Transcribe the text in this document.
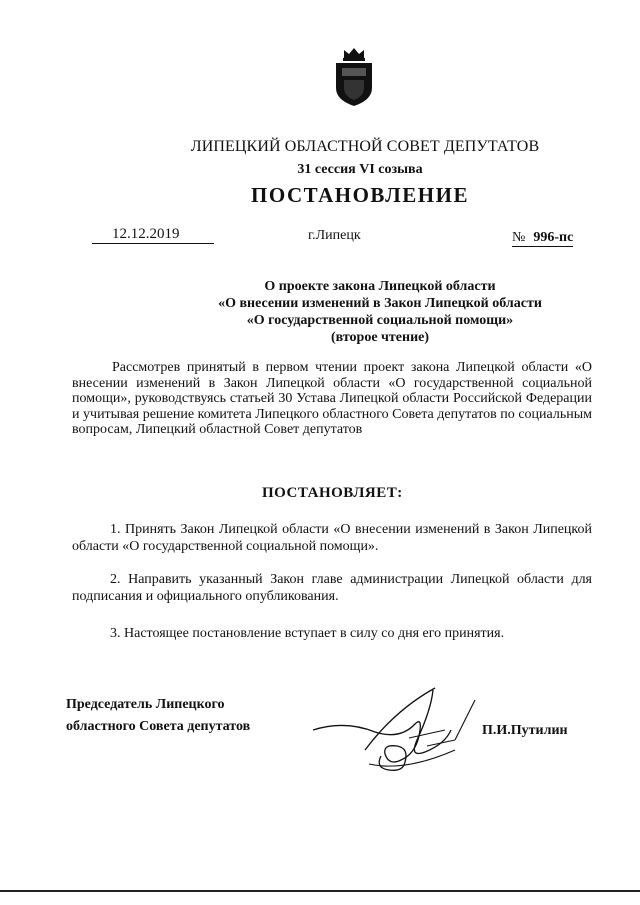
ЛИПЕЦКИЙ ОБЛАСТНОЙ СОВЕТ ДЕПУТАТОВ
31 сессия VI созыва
ПОСТАНОВЛЕНИЕ
12.12.2019	г.Липецк	№ 996-пс
О проекте закона Липецкой области
«О внесении изменений в Закон Липецкой области
«О государственной социальной помощи»
(второе чтение)

Рассмотрев принятый в первом чтении проект закона Липецкой области «О внесении изменений в Закон Липецкой области «О государственной социальной помощи», руководствуясь статьей 30 Устава Липецкой области Российской Федерации и учитывая решение комитета Липецкого областного Совета депутатов по социальным вопросам, Липецкий областной Совет депутатов

ПОСТАНОВЛЯЕТ:

1. Принять Закон Липецкой области «О внесении изменений в Закон Липецкой области «О государственной социальной помощи».

2. Направить указанный Закон главе администрации Липецкой области для подписания и официального опубликования.

3. Настоящее постановление вступает в силу со дня его принятия.

Председатель Липецкого
областного Совета депутатов	П.И.Путилин
